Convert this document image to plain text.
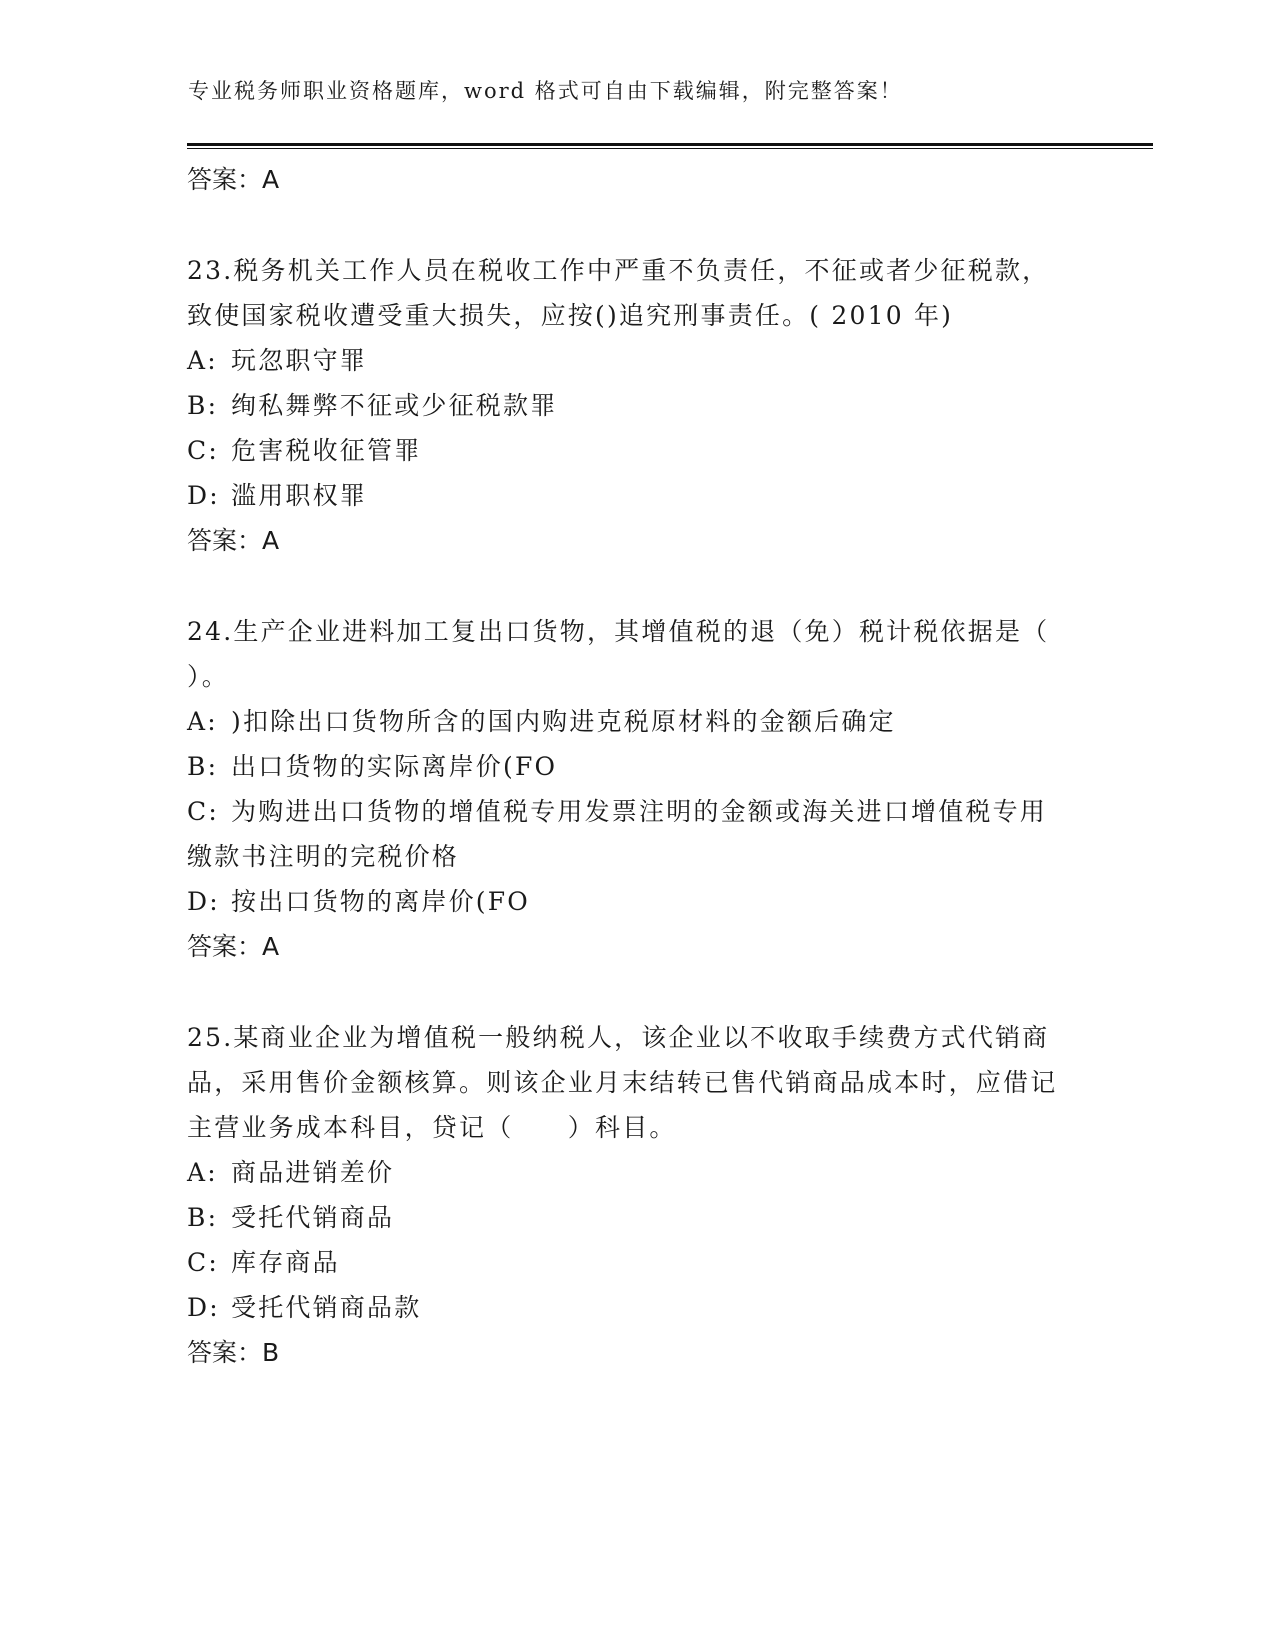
专业税务师职业资格题库，word 格式可自由下载编辑，附完整答案！
答案：A
23.税务机关工作人员在税收工作中严重不负责任，不征或者少征税款，致使国家税收遭受重大损失，应按()追究刑事责任。( 2010 年)
A: 玩忽职守罪
B: 绚私舞弊不征或少征税款罪
C: 危害税收征管罪
D: 滥用职权罪
答案：A
24.生产企业进料加工复出口货物，其增值税的退（免）税计税依据是（　　）。
A: )扣除出口货物所含的国内购进克税原材料的金额后确定
B: 出口货物的实际离岸价(FO
C: 为购进出口货物的增值税专用发票注明的金额或海关进口增值税专用缴款书注明的完税价格
D: 按出口货物的离岸价(FO
答案：A
25.某商业企业为增值税一般纳税人，该企业以不收取手续费方式代销商品，采用售价金额核算。则该企业月末结转已售代销商品成本时，应借记主营业务成本科目，贷记（　　）科目。
A: 商品进销差价
B: 受托代销商品
C: 库存商品
D: 受托代销商品款
答案：B
